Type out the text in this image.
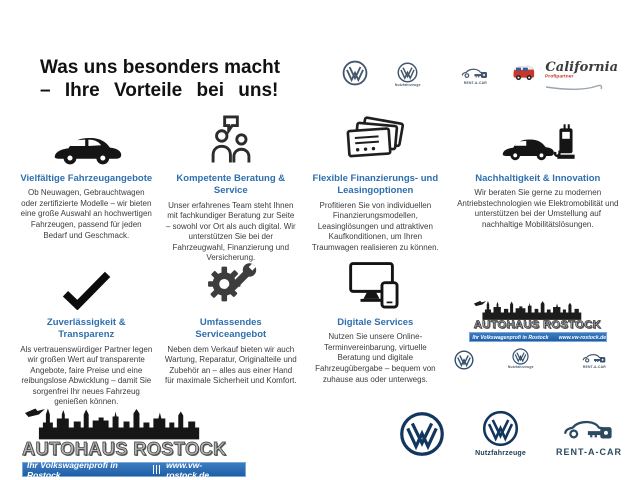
Was uns besonders macht
– Ihre Vorteile bei uns!	Nutzfahrzeuge
RENT-A-CAR
California
Profipartner
Vielfältige Fahrzeugangebote
Ob Neuwagen, Gebrauchtwagen oder zertifizierte Modelle – wir bieten eine große Auswahl an hochwertigen Fahrzeugen, passend für jeden Bedarf und Geschmack.
Kompetente Beratung & Service
Unser erfahrenes Team steht Ihnen mit fachkundiger Beratung zur Seite – sowohl vor Ort als auch digital. Wir unterstützen Sie bei der Fahrzeugwahl, Finanzierung und Versicherung.
Flexible Finanzierungs- und Leasingoptionen
Profitieren Sie von individuellen Finanzierungsmodellen, Leasinglösungen und attraktiven Kaufkonditionen, um Ihren Traumwagen realisieren zu können.
Nachhaltigkeit & Innovation
Wir beraten Sie gerne zu modernen Antriebstechnologien wie Elektromobilität und unterstützen bei der Umstellung auf nachhaltige Mobilitätslösungen.
Zuverlässigkeit & Transparenz
Als vertrauenswürdiger Partner legen wir großen Wert auf transparente Angebote, faire Preise und eine reibungslose Abwicklung – damit Sie sorgenfrei Ihr neues Fahrzeug genießen können.
Umfassendes Serviceangebot
Neben dem Verkauf bieten wir auch Wartung, Reparatur, Originalteile und Zubehör an – alles aus einer Hand für maximale Sicherheit und Komfort.
Digitale Services
Nutzen Sie unsere Online-Terminvereinbarung, virtuelle Beratung und digitale Fahrzeugübergabe – bequem von zuhause aus oder unterwegs.
AUTOHAUS ROSTOCK
Ihr Volkswagenprofi in Rostock www.vw-rostock.de
Nutzfahrzeuge	RENT-A-CAR
AUTOHAUS ROSTOCK
Ihr Volkswagenprofi in Rostock
www.vw-rostock.de
Nutzfahrzeuge	RENT-A-CAR
